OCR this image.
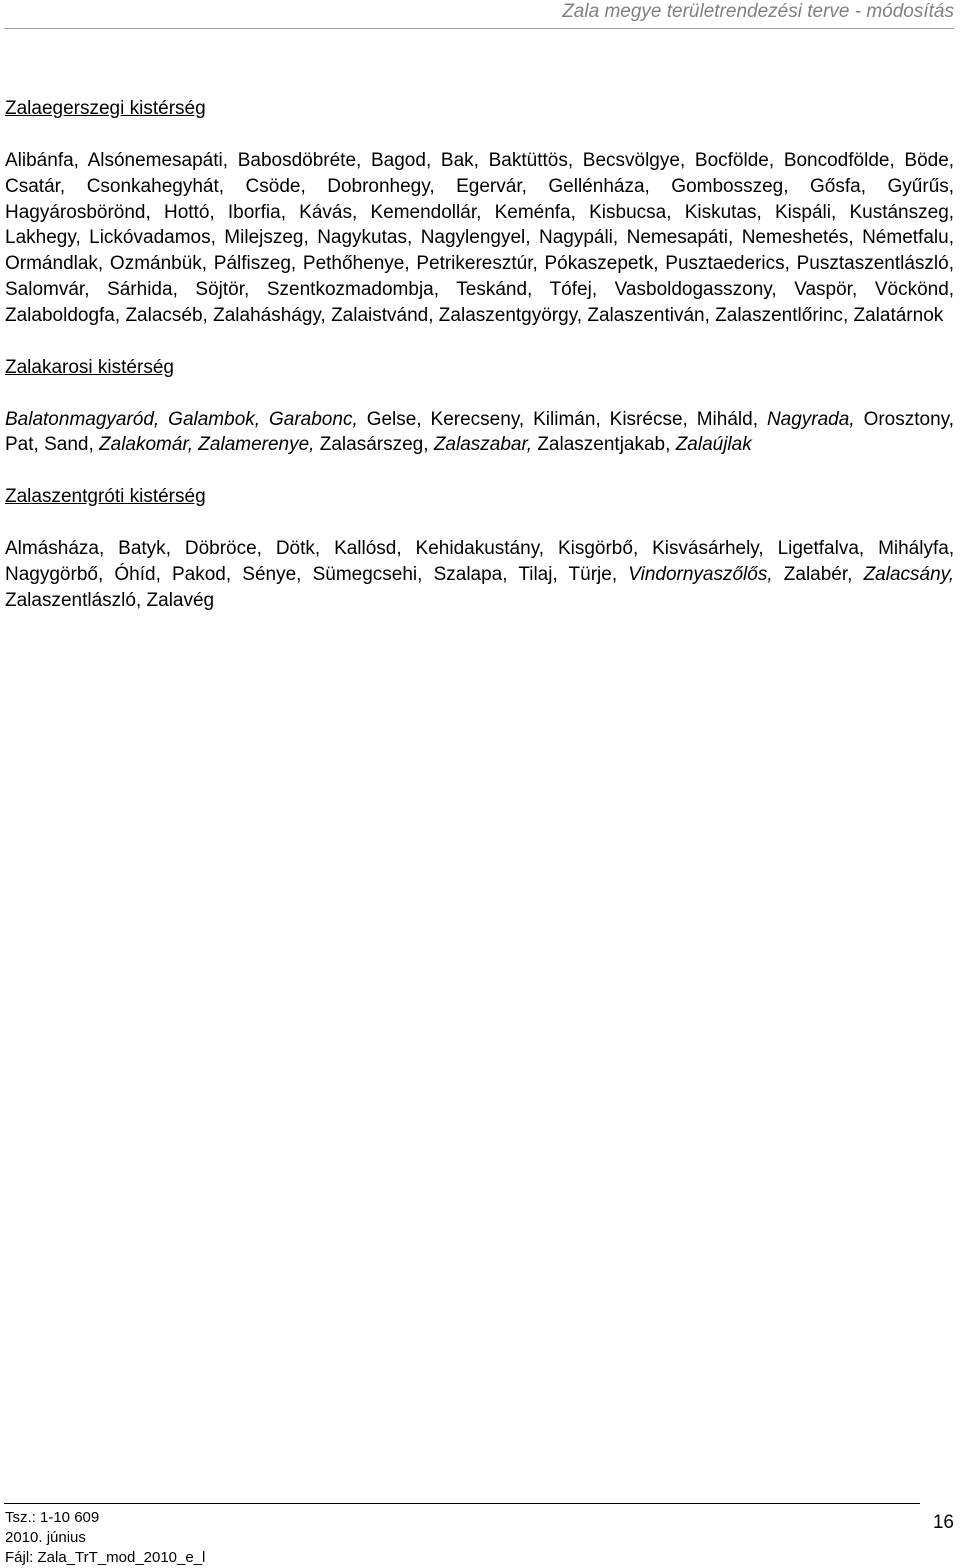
Zala megye területrendezési terve - módosítás
Zalaegerszegi kistérség
Alibánfa, Alsónemesapáti, Babosdöbréte, Bagod, Bak, Baktüttös, Becsvölgye, Bocfölde, Boncodfölde, Böde, Csatár, Csonkahegyhát, Csöde, Dobronhegy, Egervár, Gellénháza, Gombosszeg, Gősfa, Gyűrűs, Hagyárosbörönd, Hottó, Iborfia, Kávás, Kemendollár, Keménfa, Kisbucsa, Kiskutas, Kispáli, Kustánszeg, Lakhegy, Lickóvadamos, Milejszeg, Nagykutas, Nagylengyel, Nagypáli, Nemesapáti, Nemeshetés, Németfalu, Ormándlak, Ozmánbük, Pálfiszeg, Pethőhenye, Petrikeresztúr, Pókaszepetk, Pusztaederics, Pusztaszentlászló, Salomvár, Sárhida, Söjtör, Szentkozmadombja, Teskánd, Tófej, Vasboldogasszony, Vaspör, Vöckönd, Zalaboldogfa, Zalacséb, Zalaháshágy, Zalaistvánd, Zalaszentgyörgy, Zalaszentiván, Zalaszentlőrinc, Zalatárnok
Zalakarosi kistérség
Balatonmagyaród, Galambok, Garabonc, Gelse, Kerecseny, Kilimán, Kisrécse, Miháld, Nagyrada, Orosztony, Pat, Sand, Zalakomár, Zalamerenye, Zalasárszeg, Zalaszabar, Zalaszentjakab, Zalaújlak
Zalaszentgróti kistérség
Almásháza, Batyk, Döbröce, Dötk, Kallósd, Kehidakustány, Kisgörbő, Kisvásárhely, Ligetfalva, Mihályfa, Nagygörbő, Óhíd, Pakod, Sénye, Sümegcsehi, Szalapa, Tilaj, Türje, Vindornyaszőlős, Zalabér, Zalacsány, Zalaszentlászló, Zalavég
Tsz.: 1-10 609
2010. június
Fájl: Zala_TrT_mod_2010_e_l
16
